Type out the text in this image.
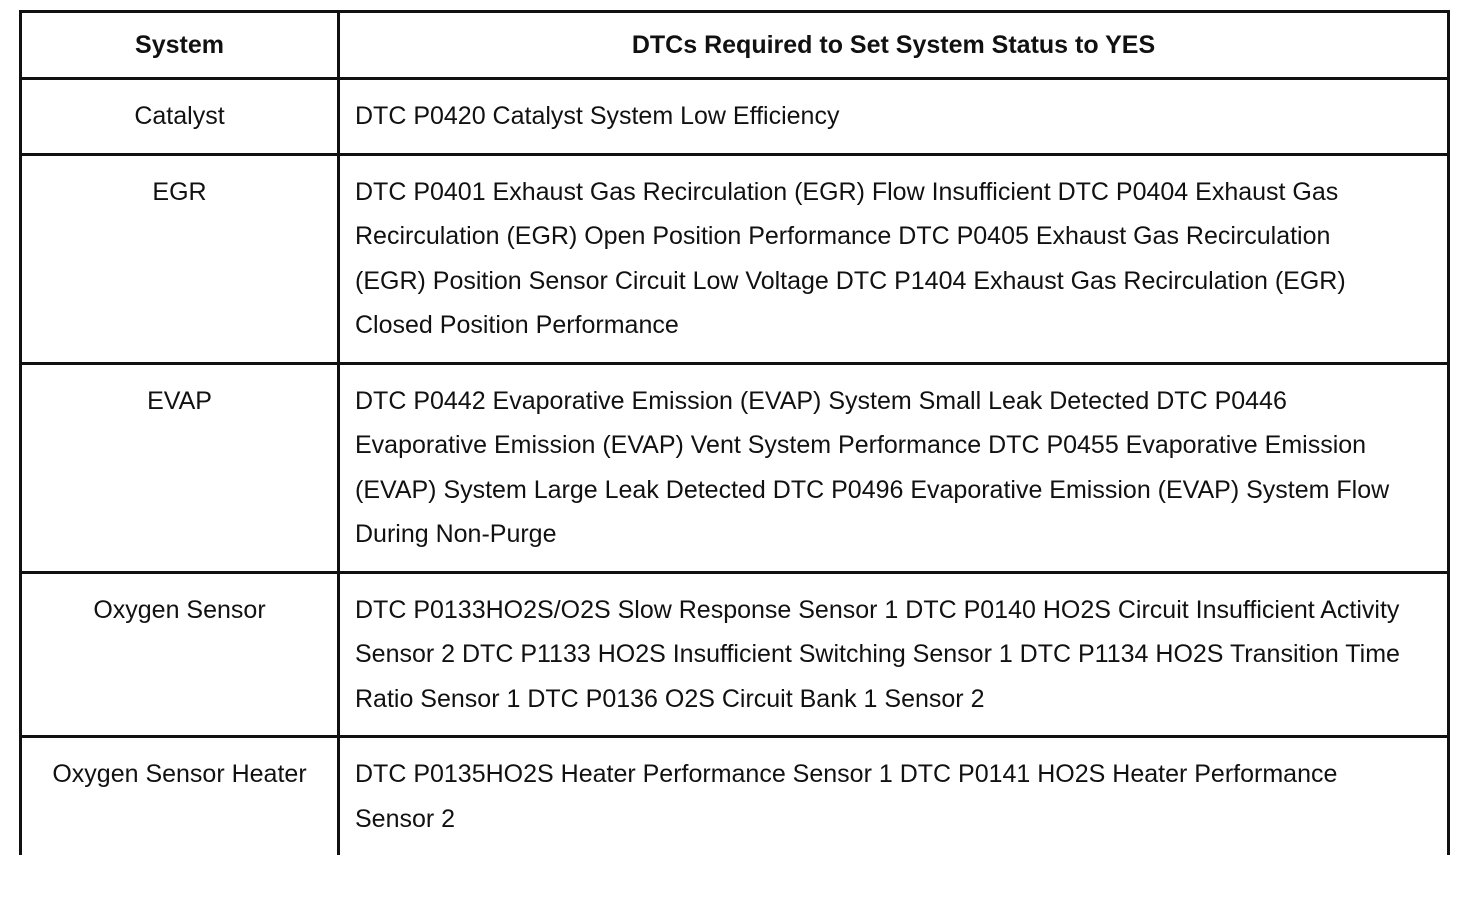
System	DTCs Required to Set System Status to YES
Catalyst	DTC P0420 Catalyst System Low Efficiency
EGR	DTC P0401 Exhaust Gas Recirculation (EGR) Flow Insufficient DTC P0404 Exhaust Gas Recirculation (EGR) Open Position Performance DTC P0405 Exhaust Gas Recirculation (EGR) Position Sensor Circuit Low Voltage DTC P1404 Exhaust Gas Recirculation (EGR) Closed Position Performance
EVAP	DTC P0442 Evaporative Emission (EVAP) System Small Leak Detected DTC P0446 Evaporative Emission (EVAP) Vent System Performance DTC P0455 Evaporative Emission (EVAP) System Large Leak Detected DTC P0496 Evaporative Emission (EVAP) System Flow During Non-Purge
Oxygen Sensor	DTC P0133HO2S/O2S Slow Response Sensor 1 DTC P0140 HO2S Circuit Insufficient Activity Sensor 2 DTC P1133 HO2S Insufficient Switching Sensor 1 DTC P1134 HO2S Transition Time Ratio Sensor 1 DTC P0136 O2S Circuit Bank 1 Sensor 2
Oxygen Sensor Heater	DTC P0135HO2S Heater Performance Sensor 1 DTC P0141 HO2S Heater Performance Sensor 2
